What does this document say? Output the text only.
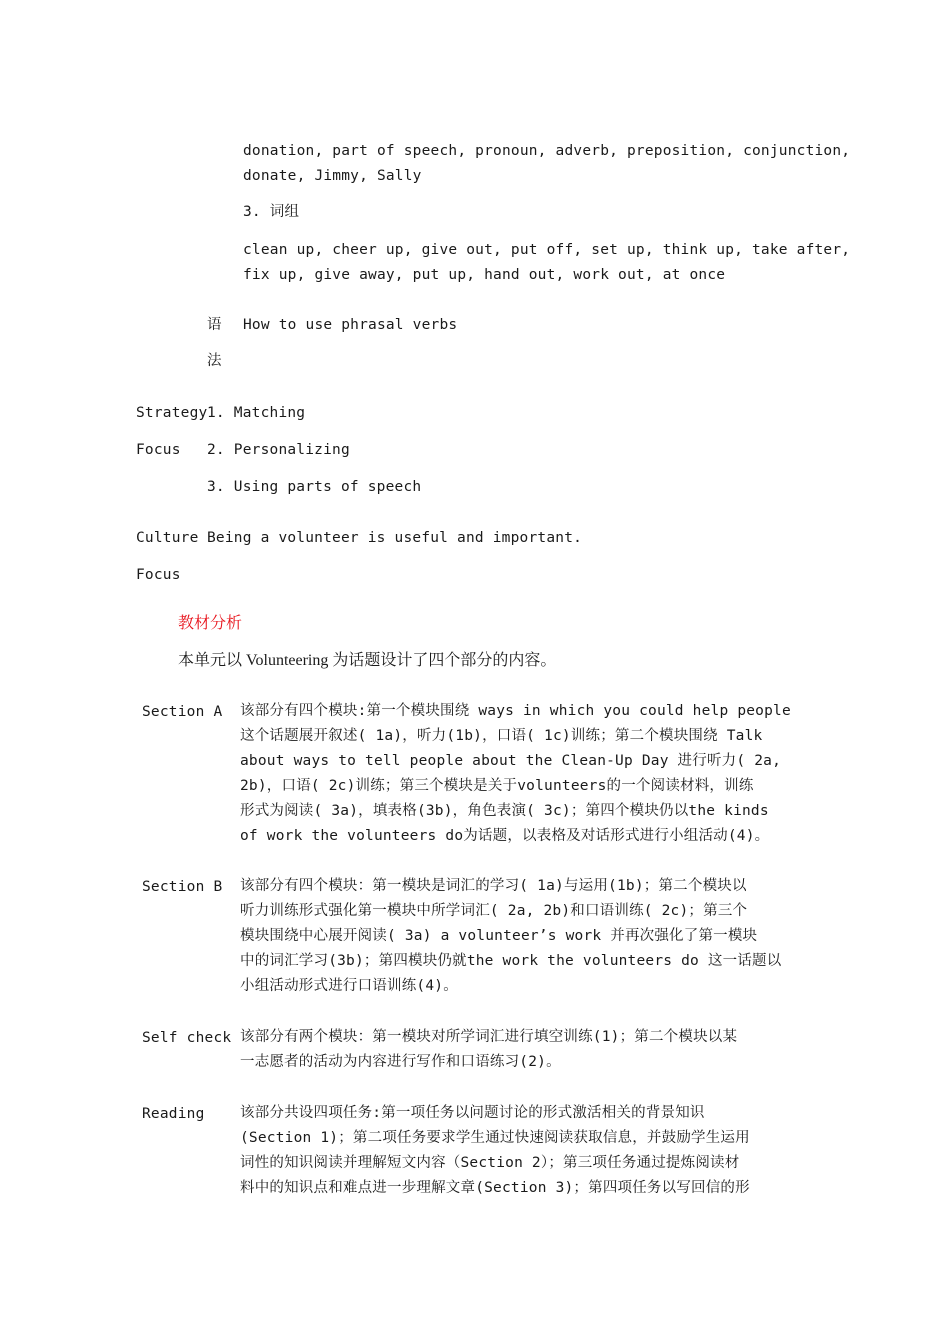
donation, part of speech, pronoun, adverb, preposition, conjunction,
donate, Jimmy, Sally
3. 词组
clean up, cheer up, give out, put off, set up, think up, take after,
fix up, give away, put up, hand out, work out, at once
语 How to use phrasal verbs
法
Strategy
Focus
1. Matching
2. Personalizing
3. Using parts of speech
Culture Being a volunteer is useful and important.
Focus
教材分析
本单元以 Volunteering 为话题设计了四个部分的内容。
Section A 该部分有四个模块:第一个模块围绕 ways in which you could help people
这个话题展开叙述( 1a)，听力(1b)，口语( 1c)训练；第二个模块围绕 Talk
about ways to tell people about the Clean-Up Day 进行听力( 2a,
2b)，口语( 2c)训练；第三个模块是关于volunteers的一个阅读材料，训练
形式为阅读( 3a)，填表格(3b)，角色表演( 3c)；第四个模块仍以the kinds
of work the volunteers do为话题，以表格及对话形式进行小组活动(4)。
Section B 该部分有四个模块：第一模块是词汇的学习( 1a)与运用(1b)；第二个模块以
听力训练形式强化第一模块中所学词汇( 2a, 2b)和口语训练( 2c)；第三个
模块围绕中心展开阅读( 3a) a volunteer’s work 并再次强化了第一模块
中的词汇学习(3b)；第四模块仍就the work the volunteers do 这一话题以
小组活动形式进行口语训练(4)。
Self check 该部分有两个模块：第一模块对所学词汇进行填空训练(1)；第二个模块以某
一志愿者的活动为内容进行写作和口语练习(2)。
Reading 该部分共设四项任务:第一项任务以问题讨论的形式激活相关的背景知识
(Section 1)；第二项任务要求学生通过快速阅读获取信息，并鼓励学生运用
词性的知识阅读并理解短文内容（Section 2）；第三项任务通过提炼阅读材
料中的知识点和难点进一步理解文章(Section 3)；第四项任务以写回信的形
